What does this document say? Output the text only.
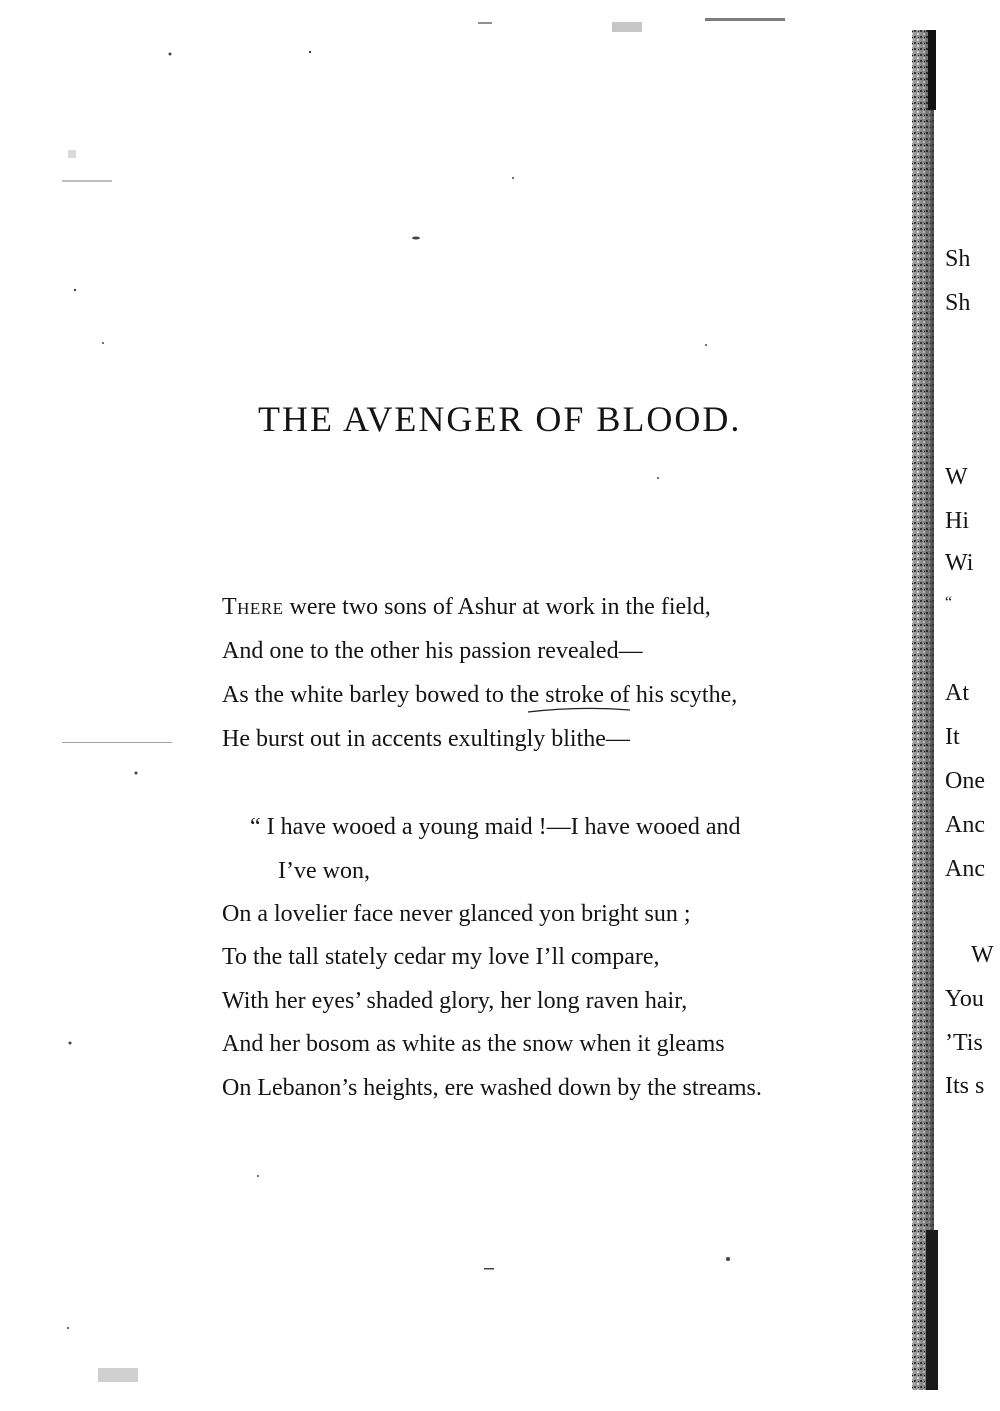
THE AVENGER OF BLOOD.
There were two sons of Ashur at work in the field,
And one to the other his passion revealed—
As the white barley bowed to the stroke of his scythe,
He burst out in accents exultingly blithe—
“ I have wooed a young maid !—I have wooed and
I’ve won,
On a lovelier face never glanced yon bright sun ;
To the tall stately cedar my love I’ll compare,
With her eyes’ shaded glory, her long raven hair,
And her bosom as white as the snow when it gleams
On Lebanon’s heights, ere washed down by the streams.
Sh
Sh
W
Hi
Wi
“
At
It
One
Anc
Anc
W
You
’Tis
Its s
